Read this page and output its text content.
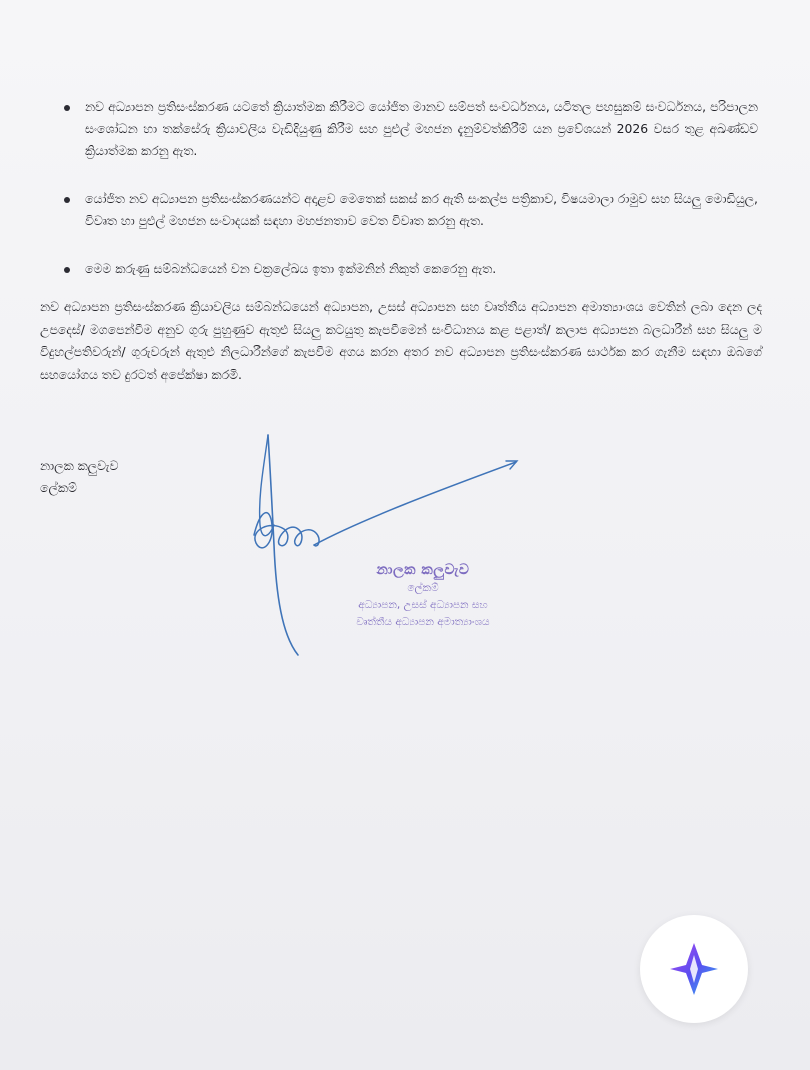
නව අධ්‍යාපන ප්‍රතිසංස්කරණ යටතේ ක්‍රියාත්මක කිරීමට යෝජිත මානව සම්පත් සංවර්ධනය, යටිතල පහසුකම් සංවර්ධනය, පරිපාලන සංශෝධන හා තක්සේරු ක්‍රියාවලිය වැඩිදියුණු කිරීම සහ පුළුල් මහජන දැනුම්වත්කිරීම් යන ප්‍රවේශයන් 2026 වසර තුළ අඛණ්ඩව ක්‍රියාත්මක කරනු ඇත.
යෝජිත නව අධ්‍යාපන ප්‍රතිසංස්කරණයන්ට අදාළව මෙතෙක් සකස් කර ඇති සංකල්ප පත්‍රිකාව, විෂයමාලා රාමුව සහ සියලු මොඩියුල, විවෘත හා පුළුල් මහජන සංවාදයක් සඳහා මහජනතාව වෙත විවෘත කරනු ඇත.
මෙම කරුණු සම්බන්ධයෙන් වන චක්‍රලේඛය ඉතා ඉක්මනින් නිකුත් කෙරෙනු ඇත.

නව අධ්‍යාපන ප්‍රතිසංස්කරණ ක්‍රියාවලිය සම්බන්ධයෙන් අධ්‍යාපන, උසස් අධ්‍යාපන සහ වෘත්තීය අධ්‍යාපන අමාත්‍යාංශය වෙතින් ලබා දෙන ලද උපදෙස්/ මගපෙන්වීම අනුව ගුරු පුහුණුව ඇතුළු සියලු කටයුතු කැපවීමෙන් සංවිධානය කළ පළාත්/ කලාප අධ්‍යාපන බලධාරීන් සහ සියලු ම විදුහල්පතිවරුන්/ ගුරුවරුන් ඇතුළු නිලධාරීන්ගේ කැපවීම අගය කරන අතර නව අධ්‍යාපන ප්‍රතිසංස්කරණ සාර්ථක කර ගැනීම සඳහා ඔබගේ සහයෝගය තව දුරටත් අපේක්ෂා කරමි.

නාලක කලුවැව
ලේකම්
නාලක කලුවැව
ලේකම්
අධ්‍යාපන, උසස් අධ්‍යාපන සහ
වෘත්තීය අධ්‍යාපන අමාත්‍යාංශය
